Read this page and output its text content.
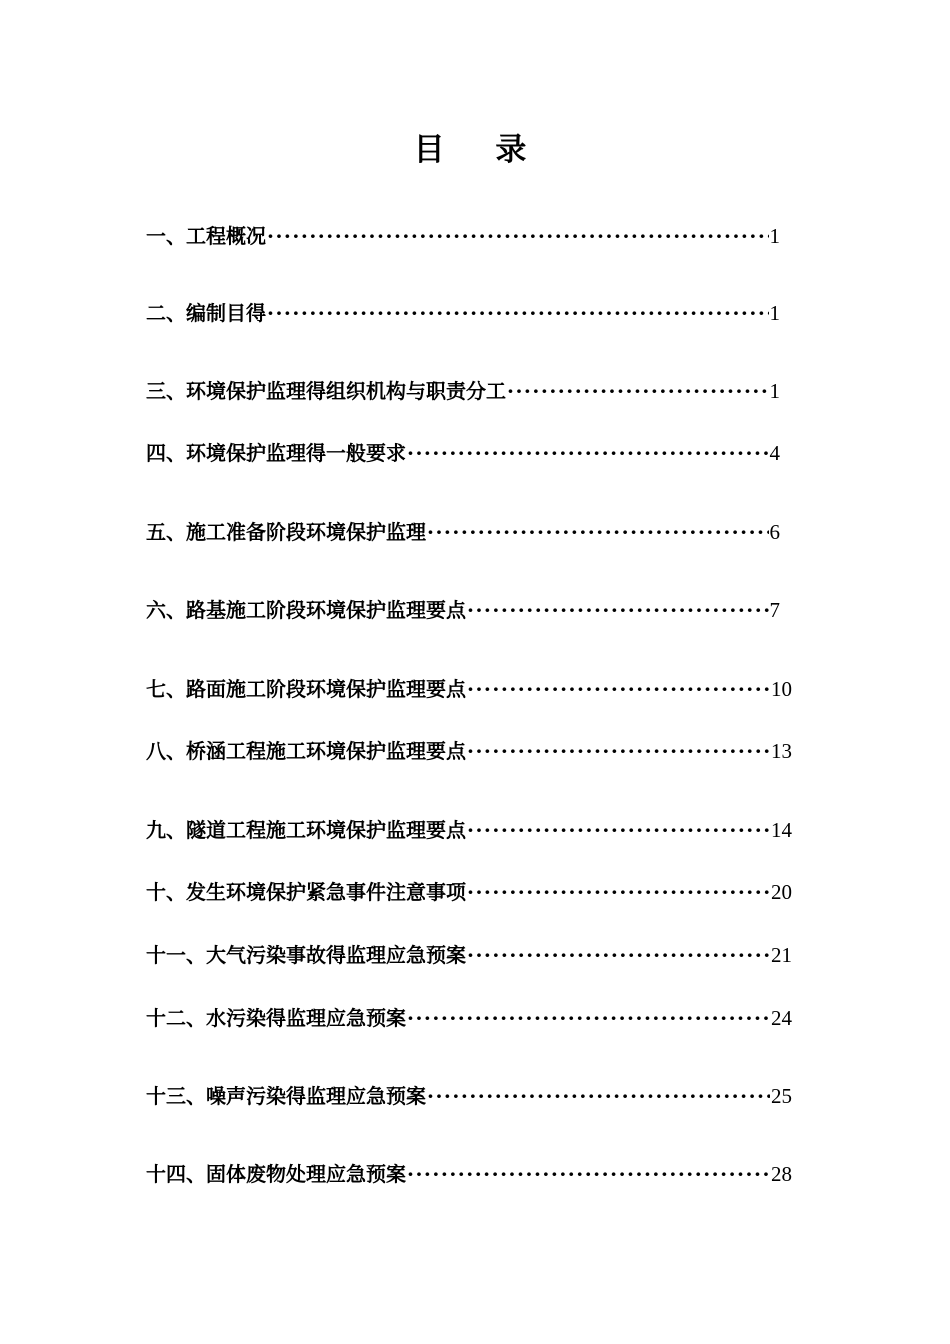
目 录
一、工程概况 ·····	1
二、编制目得 ·····	1
三、环境保护监理得组织机构与职责分工 ·····	1
四、环境保护监理得一般要求 ·····	4
五、施工准备阶段环境保护监理 ·····	6
六、路基施工阶段环境保护监理要点 ·····	7
七、路面施工阶段环境保护监理要点 ·····	10
八、桥涵工程施工环境保护监理要点 ·····	13
九、隧道工程施工环境保护监理要点 ·····	14
十、发生环境保护紧急事件注意事项 ·····	20
十一、大气污染事故得监理应急预案 ·····	21
十二、水污染得监理应急预案 ·····	24
十三、噪声污染得监理应急预案 ·····	25
十四、固体废物处理应急预案 ·····	28
